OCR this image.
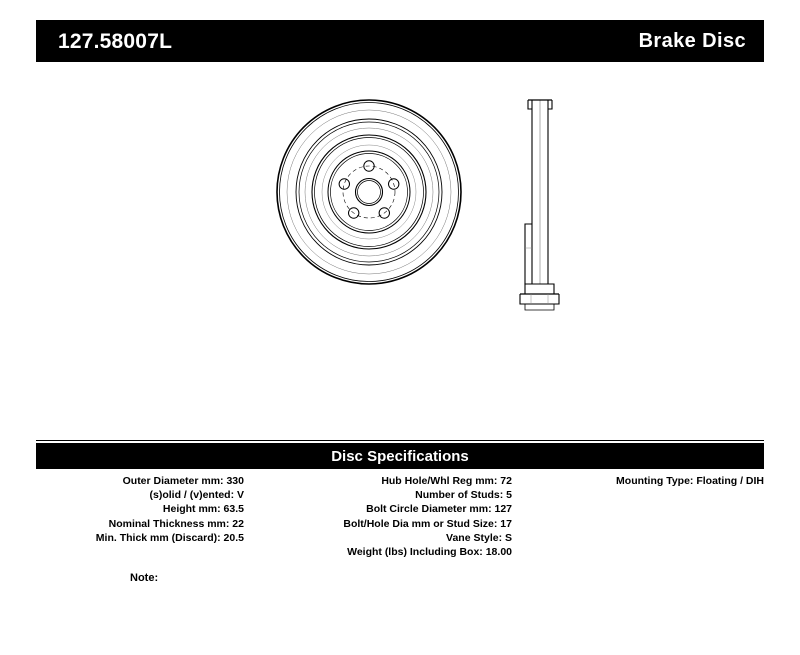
127.58007L	Brake Disc
Disc Specifications
Outer Diameter mm: 330
(s)olid / (v)ented: V
Height mm: 63.5
Nominal Thickness mm: 22
Min. Thick mm (Discard): 20.5
Hub Hole/Whl Reg mm: 72
Number of Studs: 5
Bolt Circle Diameter mm: 127
Bolt/Hole Dia mm or Stud Size: 17
Vane Style: S
Weight (lbs) Including Box: 18.00
Mounting Type: Floating / DIH
Note:
